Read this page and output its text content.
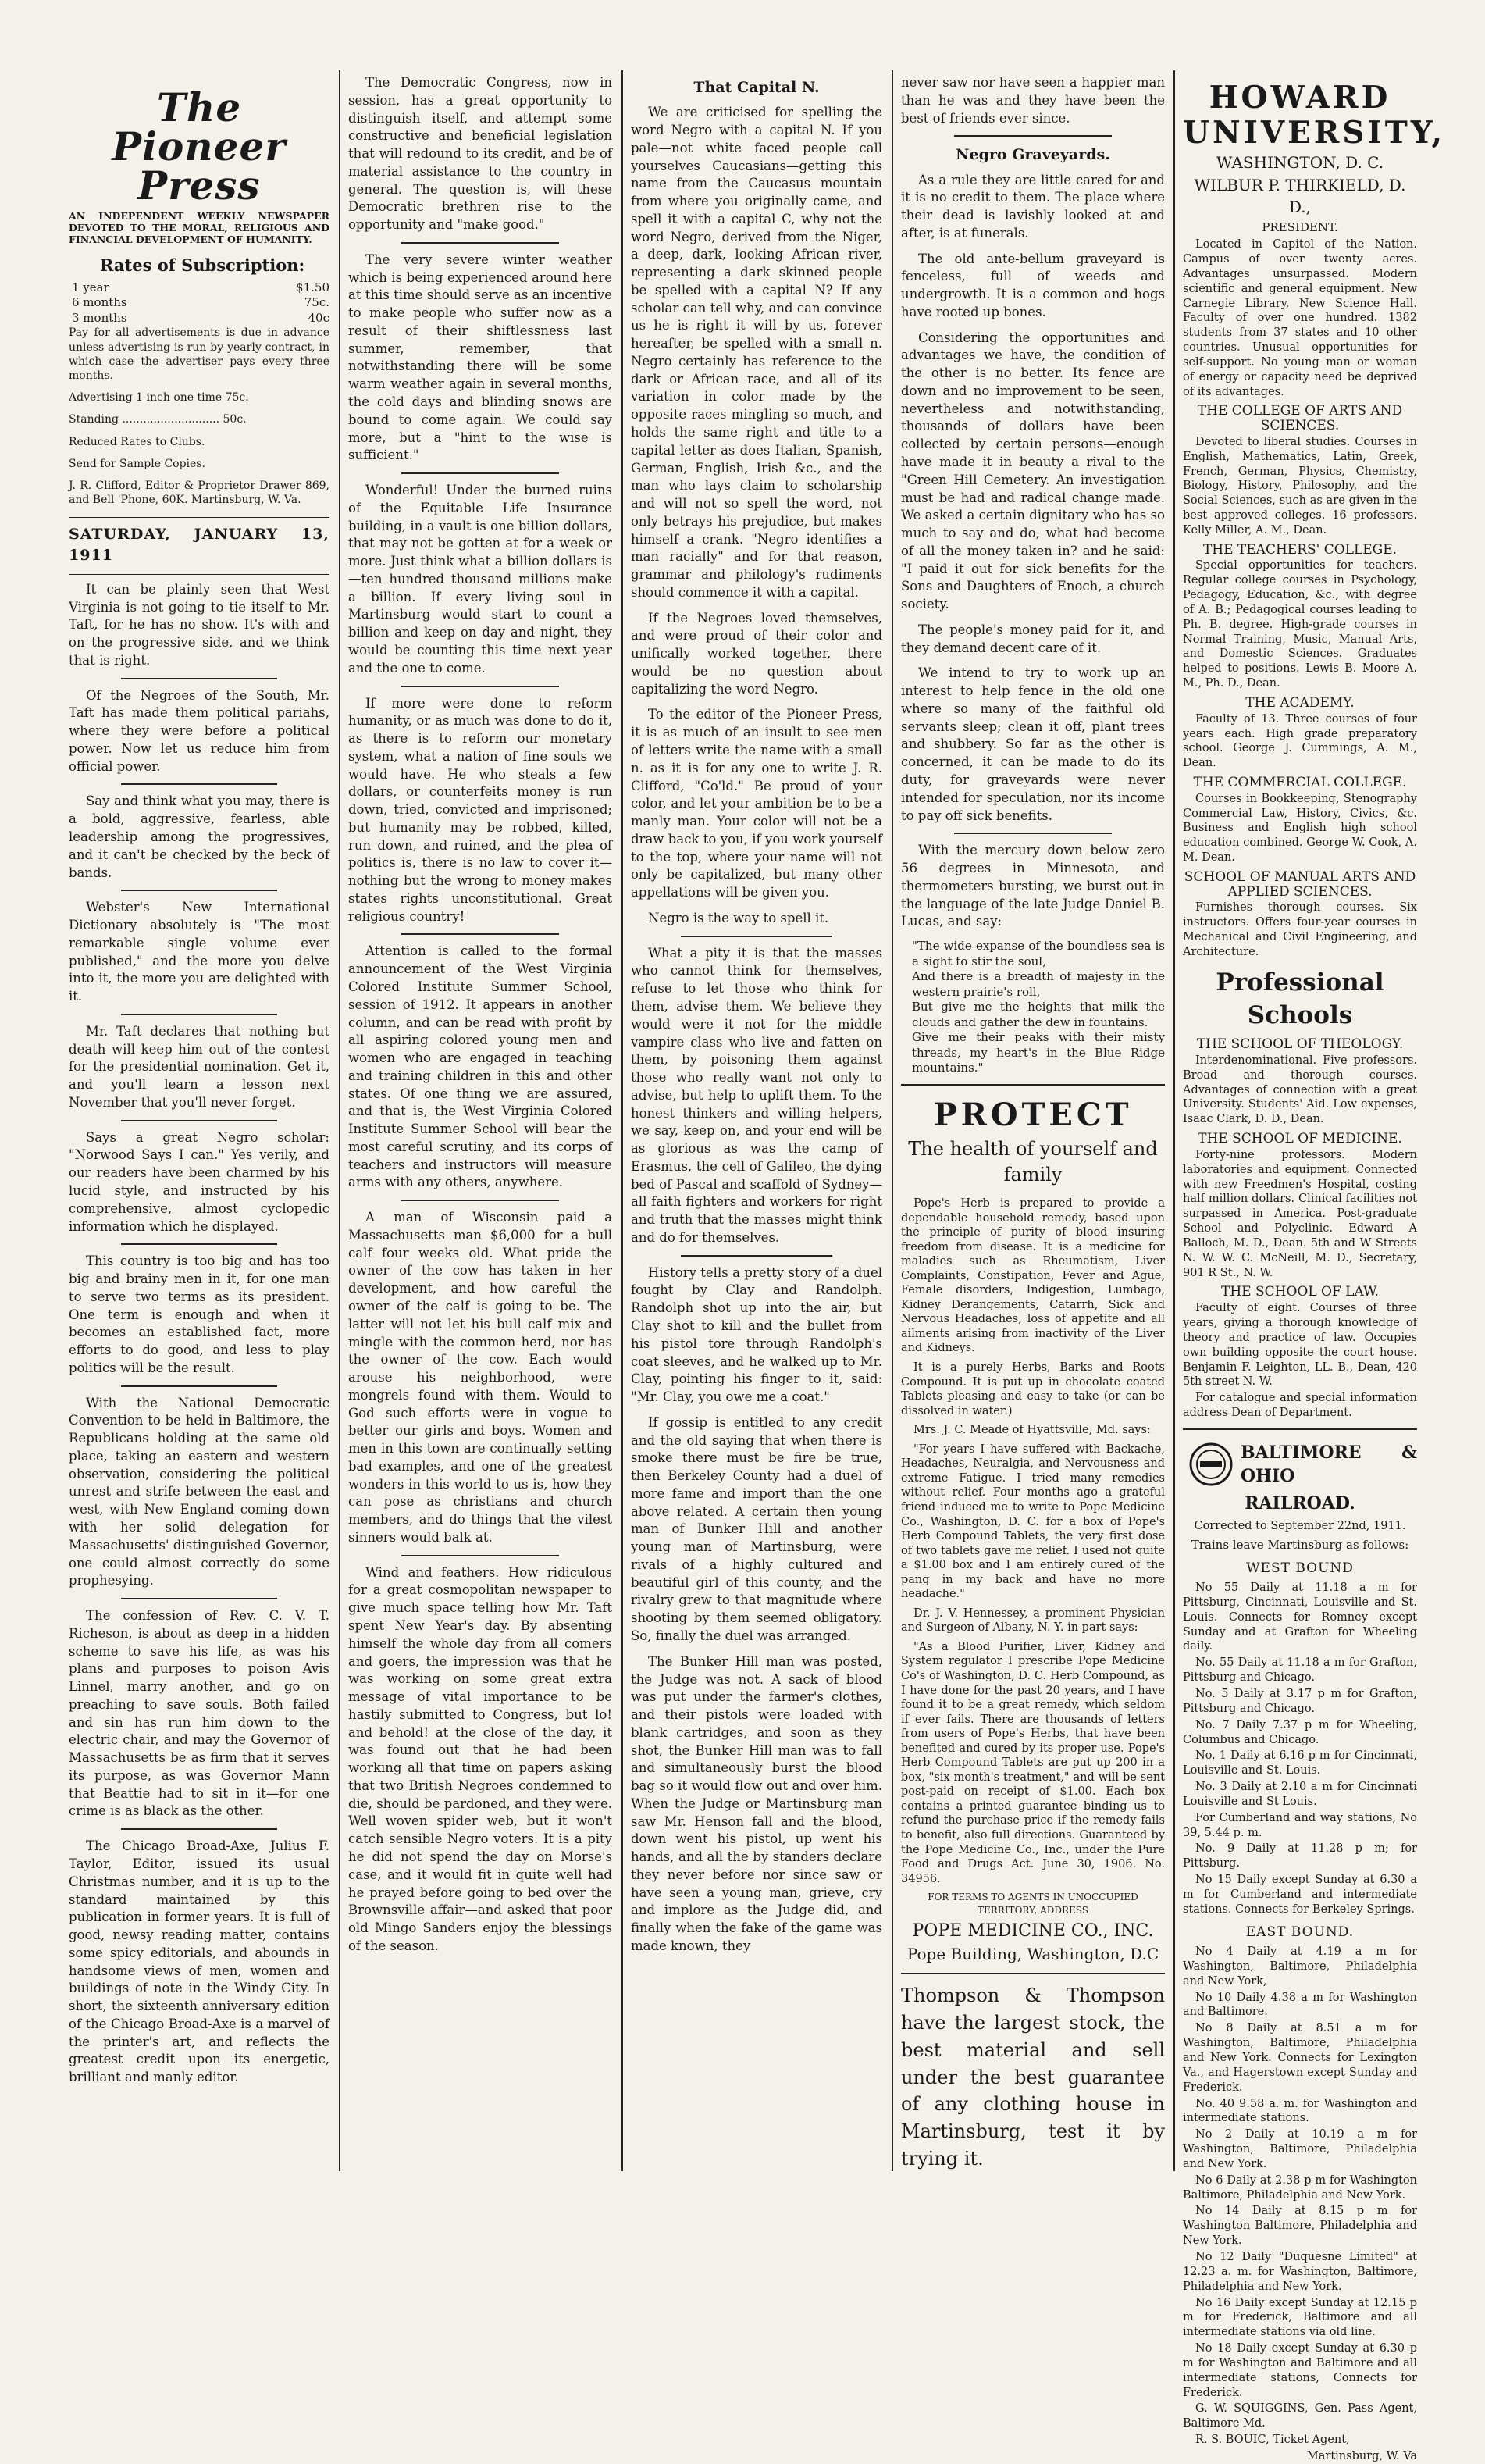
The Pioneer Press
AN INDEPENDENT WEEKLY NEWSPAPER DEVOTED TO THE MORAL, RELIGIOUS AND FINANCIAL DEVELOPMENT OF HUMANITY.
Rates of Subscription:
1 year	$1.50
6 months	75c.
3 months	40c

Pay for all advertisements is due in advance unless advertising is run by yearly contract, in which case the advertiser pays every three months.

Advertising 1 inch one time 75c.

Standing ............................ 50c.

Reduced Rates to Clubs.

Send for Sample Copies.

J. R. Clifford, Editor & Proprietor Drawer 869, and Bell 'Phone, 60K. Martinsburg, W. Va.

SATURDAY, JANUARY 13, 1911

It can be plainly seen that West Virginia is not going to tie itself to Mr. Taft, for he has no show. It's with and on the progressive side, and we think that is right.

Of the Negroes of the South, Mr. Taft has made them political pariahs, where they were before a political power. Now let us reduce him from official power.

Say and think what you may, there is a bold, aggressive, fearless, able leadership among the progressives, and it can't be checked by the beck of bands.

Webster's New International Dictionary absolutely is "The most remarkable single volume ever published," and the more you delve into it, the more you are delighted with it.

Mr. Taft declares that nothing but death will keep him out of the contest for the presidential nomination. Get it, and you'll learn a lesson next November that you'll never forget.

Says a great Negro scholar: "Norwood Says I can." Yes verily, and our readers have been charmed by his lucid style, and instructed by his comprehensive, almost cyclopedic information which he displayed.

This country is too big and has too big and brainy men in it, for one man to serve two terms as its president. One term is enough and when it becomes an established fact, more efforts to do good, and less to play politics will be the result.

With the National Democratic Convention to be held in Baltimore, the Republicans holding at the same old place, taking an eastern and western observation, considering the political unrest and strife between the east and west, with New England coming down with her solid delegation for Massachusetts' distinguished Governor, one could almost correctly do some prophesying.

The confession of Rev. C. V. T. Richeson, is about as deep in a hidden scheme to save his life, as was his plans and purposes to poison Avis Linnel, marry another, and go on preaching to save souls. Both failed and sin has run him down to the electric chair, and may the Governor of Massachusetts be as firm that it serves its purpose, as was Governor Mann that Beattie had to sit in it—for one crime is as black as the other.

The Chicago Broad-Axe, Julius F. Taylor, Editor, issued its usual Christmas number, and it is up to the standard maintained by this publication in former years. It is full of good, newsy reading matter, contains some spicy editorials, and abounds in handsome views of men, women and buildings of note in the Windy City. In short, the sixteenth anniversary edition of the Chicago Broad-Axe is a marvel of the printer's art, and reflects the greatest credit upon its energetic, brilliant and manly editor.

The Democratic Congress, now in session, has a great opportunity to distinguish itself, and attempt some constructive and beneficial legislation that will redound to its credit, and be of material assistance to the country in general. The question is, will these Democratic brethren rise to the opportunity and "make good."

The very severe winter weather which is being experienced around here at this time should serve as an incentive to make people who suffer now as a result of their shiftlessness last summer, remember, that notwithstanding there will be some warm weather again in several months, the cold days and blinding snows are bound to come again. We could say more, but a "hint to the wise is sufficient."

Wonderful! Under the burned ruins of the Equitable Life Insurance building, in a vault is one billion dollars, that may not be gotten at for a week or more. Just think what a billion dollars is—ten hundred thousand millions make a billion. If every living soul in Martinsburg would start to count a billion and keep on day and night, they would be counting this time next year and the one to come.

If more were done to reform humanity, or as much was done to do it, as there is to reform our monetary system, what a nation of fine souls we would have. He who steals a few dollars, or counterfeits money is run down, tried, convicted and imprisoned; but humanity may be robbed, killed, run down, and ruined, and the plea of politics is, there is no law to cover it—nothing but the wrong to money makes states rights unconstitutional. Great religious country!

Attention is called to the formal announcement of the West Virginia Colored Institute Summer School, session of 1912. It appears in another column, and can be read with profit by all aspiring colored young men and women who are engaged in teaching and training children in this and other states. Of one thing we are assured, and that is, the West Virginia Colored Institute Summer School will bear the most careful scrutiny, and its corps of teachers and instructors will measure arms with any others, anywhere.

A man of Wisconsin paid a Massachusetts man $6,000 for a bull calf four weeks old. What pride the owner of the cow has taken in her development, and how careful the owner of the calf is going to be. The latter will not let his bull calf mix and mingle with the common herd, nor has the owner of the cow. Each would arouse his neighborhood, were mongrels found with them. Would to God such efforts were in vogue to better our girls and boys. Women and men in this town are continually setting bad examples, and one of the greatest wonders in this world to us is, how they can pose as christians and church members, and do things that the vilest sinners would balk at.

Wind and feathers. How ridiculous for a great cosmopolitan newspaper to give much space telling how Mr. Taft spent New Year's day. By absenting himself the whole day from all comers and goers, the impression was that he was working on some great extra message of vital importance to be hastily submitted to Congress, but lo! and behold! at the close of the day, it was found out that he had been working all that time on papers asking that two British Negroes condemned to die, should be pardoned, and they were. Well woven spider web, but it won't catch sensible Negro voters. It is a pity he did not spend the day on Morse's case, and it would fit in quite well had he prayed before going to bed over the Brownsville affair—and asked that poor old Mingo Sanders enjoy the blessings of the season.

That Capital N.

We are criticised for spelling the word Negro with a capital N. If you pale—not white faced people call yourselves Caucasians—getting this name from the Caucasus mountain from where you originally came, and spell it with a capital C, why not the word Negro, derived from the Niger, a deep, dark, looking African river, representing a dark skinned people be spelled with a capital N? If any scholar can tell why, and can convince us he is right it will by us, forever hereafter, be spelled with a small n. Negro certainly has reference to the dark or African race, and all of its variation in color made by the opposite races mingling so much, and holds the same right and title to a capital letter as does Italian, Spanish, German, English, Irish &c., and the man who lays claim to scholarship and will not so spell the word, not only betrays his prejudice, but makes himself a crank. "Negro identifies a man racially" and for that reason, grammar and philology's rudiments should commence it with a capital.

If the Negroes loved themselves, and were proud of their color and unifically worked together, there would be no question about capitalizing the word Negro.

To the editor of the Pioneer Press, it is as much of an insult to see men of letters write the name with a small n. as it is for any one to write J. R. Clifford, "Co'ld." Be proud of your color, and let your ambition be to be a manly man. Your color will not be a draw back to you, if you work yourself to the top, where your name will not only be capitalized, but many other appellations will be given you.

Negro is the way to spell it.

What a pity it is that the masses who cannot think for themselves, refuse to let those who think for them, advise them. We believe they would were it not for the middle vampire class who live and fatten on them, by poisoning them against those who really want not only to advise, but help to uplift them. To the honest thinkers and willing helpers, we say, keep on, and your end will be as glorious as was the camp of Erasmus, the cell of Galileo, the dying bed of Pascal and scaffold of Sydney—all faith fighters and workers for right and truth that the masses might think and do for themselves.

History tells a pretty story of a duel fought by Clay and Randolph. Randolph shot up into the air, but Clay shot to kill and the bullet from his pistol tore through Randolph's coat sleeves, and he walked up to Mr. Clay, pointing his finger to it, said: "Mr. Clay, you owe me a coat."

If gossip is entitled to any credit and the old saying that when there is smoke there must be fire be true, then Berkeley County had a duel of more fame and import than the one above related. A certain then young man of Bunker Hill and another young man of Martinsburg, were rivals of a highly cultured and beautiful girl of this county, and the rivalry grew to that magnitude where shooting by them seemed obligatory. So, finally the duel was arranged.

The Bunker Hill man was posted, the Judge was not. A sack of blood was put under the farmer's clothes, and their pistols were loaded with blank cartridges, and soon as they shot, the Bunker Hill man was to fall and simultaneously burst the blood bag so it would flow out and over him. When the Judge or Martinsburg man saw Mr. Henson fall and the blood, down went his pistol, up went his hands, and all the by standers declare they never before nor since saw or have seen a young man, grieve, cry and implore as the Judge did, and finally when the fake of the game was made known, they

never saw nor have seen a happier man than he was and they have been the best of friends ever since.

Negro Graveyards.

As a rule they are little cared for and it is no credit to them. The place where their dead is lavishly looked at and after, is at funerals.

The old ante-bellum graveyard is fenceless, full of weeds and undergrowth. It is a common and hogs have rooted up bones.

Considering the opportunities and advantages we have, the condition of the other is no better. Its fence are down and no improvement to be seen, nevertheless and notwithstanding, thousands of dollars have been collected by certain persons—enough have made it in beauty a rival to the "Green Hill Cemetery. An investigation must be had and radical change made. We asked a certain dignitary who has so much to say and do, what had become of all the money taken in? and he said: "I paid it out for sick benefits for the Sons and Daughters of Enoch, a church society.

The people's money paid for it, and they demand decent care of it.

We intend to try to work up an interest to help fence in the old one where so many of the faithful old servants sleep; clean it off, plant trees and shubbery. So far as the other is concerned, it can be made to do its duty, for graveyards were never intended for speculation, nor its income to pay off sick benefits.

With the mercury down below zero 56 degrees in Minnesota, and thermometers bursting, we burst out in the language of the late Judge Daniel B. Lucas, and say:

"The wide expanse of the boundless sea is a sight to stir the soul,
And there is a breadth of majesty in the western prairie's roll,
But give me the heights that milk the clouds and gather the dew in fountains.
Give me their peaks with their misty threads, my heart's in the Blue Ridge mountains."
PROTECT
The health of yourself and family

Pope's Herb is prepared to provide a dependable household remedy, based upon the principle of purity of blood insuring freedom from disease. It is a medicine for maladies such as Rheumatism, Liver Complaints, Constipation, Fever and Ague, Female disorders, Indigestion, Lumbago, Kidney Derangements, Catarrh, Sick and Nervous Headaches, loss of appetite and all ailments arising from inactivity of the Liver and Kidneys.

It is a purely Herbs, Barks and Roots Compound. It is put up in chocolate coated Tablets pleasing and easy to take (or can be dissolved in water.)

Mrs. J. C. Meade of Hyattsville, Md. says:

"For years I have suffered with Backache, Headaches, Neuralgia, and Nervousness and extreme Fatigue. I tried many remedies without relief. Four months ago a grateful friend induced me to write to Pope Medicine Co., Washington, D. C. for a box of Pope's Herb Compound Tablets, the very first dose of two tablets gave me relief. I used not quite a $1.00 box and I am entirely cured of the pang in my back and have no more headache."

Dr. J. V. Hennessey, a prominent Physician and Surgeon of Albany, N. Y. in part says:

"As a Blood Purifier, Liver, Kidney and System regulator I prescribe Pope Medicine Co's of Washington, D. C. Herb Compound, as I have done for the past 20 years, and I have found it to be a great remedy, which seldom if ever fails. There are thousands of letters from users of Pope's Herbs, that have been benefited and cured by its proper use. Pope's Herb Compound Tablets are put up 200 in a box, "six month's treatment," and will be sent post-paid on receipt of $1.00. Each box contains a printed guarantee binding us to refund the purchase price if the remedy fails to benefit, also full directions. Guaranteed by the Pope Medicine Co., Inc., under the Pure Food and Drugs Act. June 30, 1906. No. 34956.

FOR TERMS TO AGENTS IN UNOCCUPIED TERRITORY, ADDRESS
POPE MEDICINE CO., INC.
Pope Building, Washington, D.C
Thompson & Thompson have the largest stock, the best material and sell under the best guarantee of any clothing house in Martinsburg, test it by trying it.
HOWARD UNIVERSITY,
WASHINGTON, D. C.
WILBUR P. THIRKIELD, D. D.,
PRESIDENT.

Located in Capitol of the Nation. Campus of over twenty acres. Advantages unsurpassed. Modern scientific and general equipment. New Carnegie Library. New Science Hall. Faculty of over one hundred. 1382 students from 37 states and 10 other countries. Unusual opportunities for self-support. No young man or woman of energy or capacity need be deprived of its advantages.

THE COLLEGE OF ARTS AND SCIENCES.

Devoted to liberal studies. Courses in English, Mathematics, Latin, Greek, French, German, Physics, Chemistry, Biology, History, Philosophy, and the Social Sciences, such as are given in the best approved colleges. 16 professors. Kelly Miller, A. M., Dean.

THE TEACHERS' COLLEGE.

Special opportunities for teachers. Regular college courses in Psychology, Pedagogy, Education, &c., with degree of A. B.; Pedagogical courses leading to Ph. B. degree. High-grade courses in Normal Training, Music, Manual Arts, and Domestic Sciences. Graduates helped to positions. Lewis B. Moore A. M., Ph. D., Dean.

THE ACADEMY.

Faculty of 13. Three courses of four years each. High grade preparatory school. George J. Cummings, A. M., Dean.

THE COMMERCIAL COLLEGE.

Courses in Bookkeeping, Stenography Commercial Law, History, Civics, &c. Business and English high school education combined. George W. Cook, A. M. Dean.

SCHOOL OF MANUAL ARTS AND APPLIED SCIENCES.

Furnishes thorough courses. Six instructors. Offers four-year courses in Mechanical and Civil Engineering, and Architecture.

Professional Schools
THE SCHOOL OF THEOLOGY.

Interdenominational. Five professors. Broad and thorough courses. Advantages of connection with a great University. Students' Aid. Low expenses, Isaac Clark, D. D., Dean.

THE SCHOOL OF MEDICINE.

Forty-nine professors. Modern laboratories and equipment. Connected with new Freedmen's Hospital, costing half million dollars. Clinical facilities not surpassed in America. Post-graduate School and Polyclinic. Edward A Balloch, M. D., Dean. 5th and W Streets N. W. W. C. McNeill, M. D., Secretary, 901 R St., N. W.

THE SCHOOL OF LAW.

Faculty of eight. Courses of three years, giving a thorough knowledge of theory and practice of law. Occupies own building opposite the court house. Benjamin F. Leighton, LL. B., Dean, 420 5th street N. W.

For catalogue and special information address Dean of Department.

BALTIMORE & OHIO
RAILROAD.
Corrected to September 22nd, 1911.
Trains leave Martinsburg as follows:
WEST BOUND

No 55 Daily at 11.18 a m for Pittsburg, Cincinnati, Louisville and St. Louis. Connects for Romney except Sunday and at Grafton for Wheeling daily.

No. 55 Daily at 11.18 a m for Grafton, Pittsburg and Chicago.

No. 5 Daily at 3.17 p m for Grafton, Pittsburg and Chicago.

No. 7 Daily 7.37 p m for Wheeling, Columbus and Chicago.

No. 1 Daily at 6.16 p m for Cincinnati, Louisville and St. Louis.

No. 3 Daily at 2.10 a m for Cincinnati Louisville and St Louis.

For Cumberland and way stations, No 39, 5.44 p. m.

No. 9 Daily at 11.28 p m; for Pittsburg.

No 15 Daily except Sunday at 6.30 a m for Cumberland and intermediate stations. Connects for Berkeley Springs.

EAST BOUND.

No 4 Daily at 4.19 a m for Washington, Baltimore, Philadelphia and New York,

No 10 Daily 4.38 a m for Washington and Baltimore.

No 8 Daily at 8.51 a m for Washington, Baltimore, Philadelphia and New York. Connects for Lexington Va., and Hagerstown except Sunday and Frederick.

No. 40 9.58 a. m. for Washington and intermediate stations.

No 2 Daily at 10.19 a m for Washington, Baltimore, Philadelphia and New York.

No 6 Daily at 2.38 p m for Washington Baltimore, Philadelphia and New York.

No 14 Daily at 8.15 p m for Washington Baltimore, Philadelphia and New York.

No 12 Daily "Duquesne Limited" at 12.23 a. m. for Washington, Baltimore, Philadelphia and New York.

No 16 Daily except Sunday at 12.15 p m for Frederick, Baltimore and all intermediate stations via old line.

No 18 Daily except Sunday at 6.30 p m for Washington and Baltimore and all intermediate stations, Connects for Frederick.

G. W. SQUIGGINS, Gen. Pass Agent, Baltimore Md.

R. S. BOUIC, Ticket Agent,

Martinsburg, W. Va
